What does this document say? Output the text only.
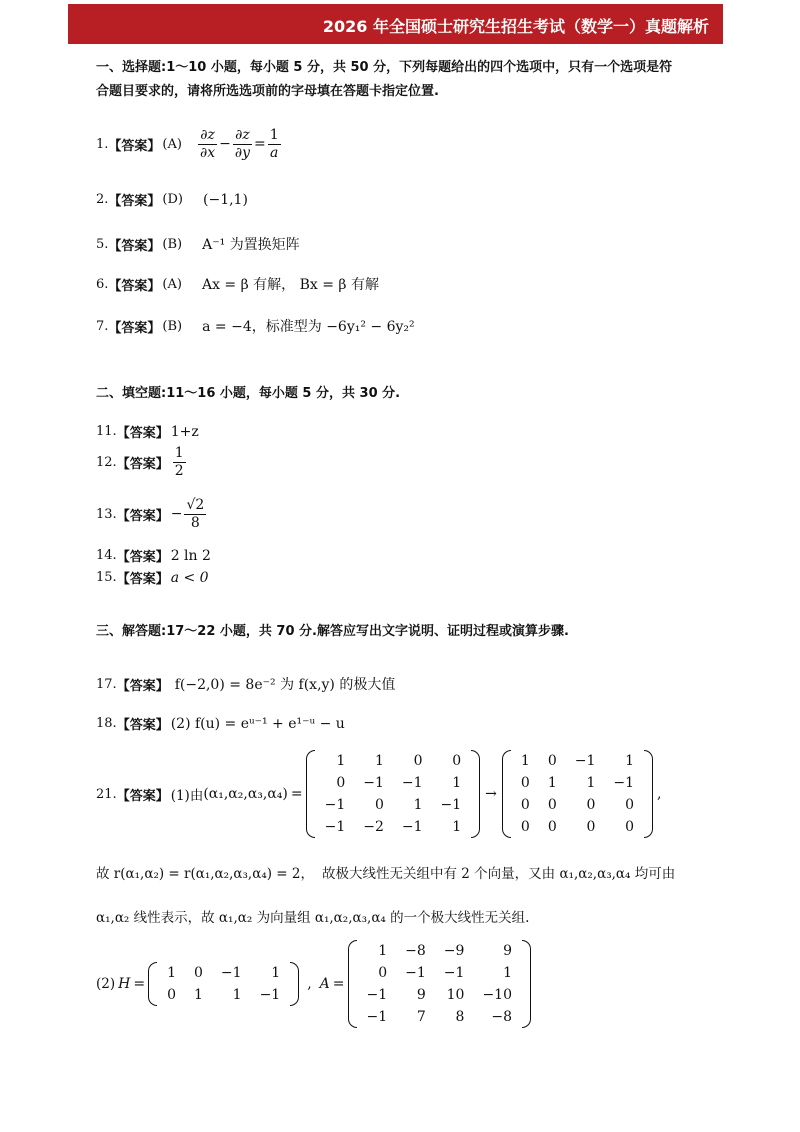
2026 年全国硕士研究生招生考试（数学一）真题解析
一、选择题:1～10 小题，每小题 5 分，共 50 分，下列每题给出的四个选项中，只有一个选项是符
合题目要求的，请将所选选项前的字母填在答题卡指定位置.
1. 【答案】 $(A) \frac{\partial z}{\partial x} - \frac{\partial z}{\partial y} = \frac{1}{a}$
2. 【答案】 (D) (−1,1)
5. 【答案】 (B) A⁻¹ 为置换矩阵
6. 【答案】 (A) Ax = β 有解， Bx = β 有解
7. 【答案】 (B) a = −4，标准型为 −6y₁² − 6y₂²
二、填空题:11～16 小题，每小题 5 分，共 30 分.
11. 【答案】 1+z
12. 【答案】 $\frac{1}{2}$
13. 【答案】 − $\frac{√2}{8}$
14. 【答案】 2 ln 2
15. 【答案】 a < 0
三、解答题:17～22 小题，共 70 分.解答应写出文字说明、证明过程或演算步骤.
17. 【答案】 f(−2,0) = 8e⁻² 为 f(x,y) 的极大值
18. 【答案】 (2) f(u) = eᵘ⁻¹ + e¹⁻ᵘ − u
21. 【答案】 (1)由 (α₁,α₂,α₃,α₄) =
1	1	0	0
0	−1	−1	1
−1	0	1	−1
−1	−2	−1	1
→
1	0	−1	1
0	1	1	−1
0	0	0	0
0	0	0	0
,
故 r(α₁,α₂) = r(α₁,α₂,α₃,α₄) = 2， 故极大线性无关组中有 2 个向量，又由 α₁,α₂,α₃,α₄ 均可由
α₁,α₂ 线性表示，故 α₁,α₂ 为向量组 α₁,α₂,α₃,α₄ 的一个极大线性无关组.
(2) H =
1	0	−1	1
0	1	1	−1
, A =
1	−8	−9	9
0	−1	−1	1
−1	9	10	−10
−1	7	8	−8
